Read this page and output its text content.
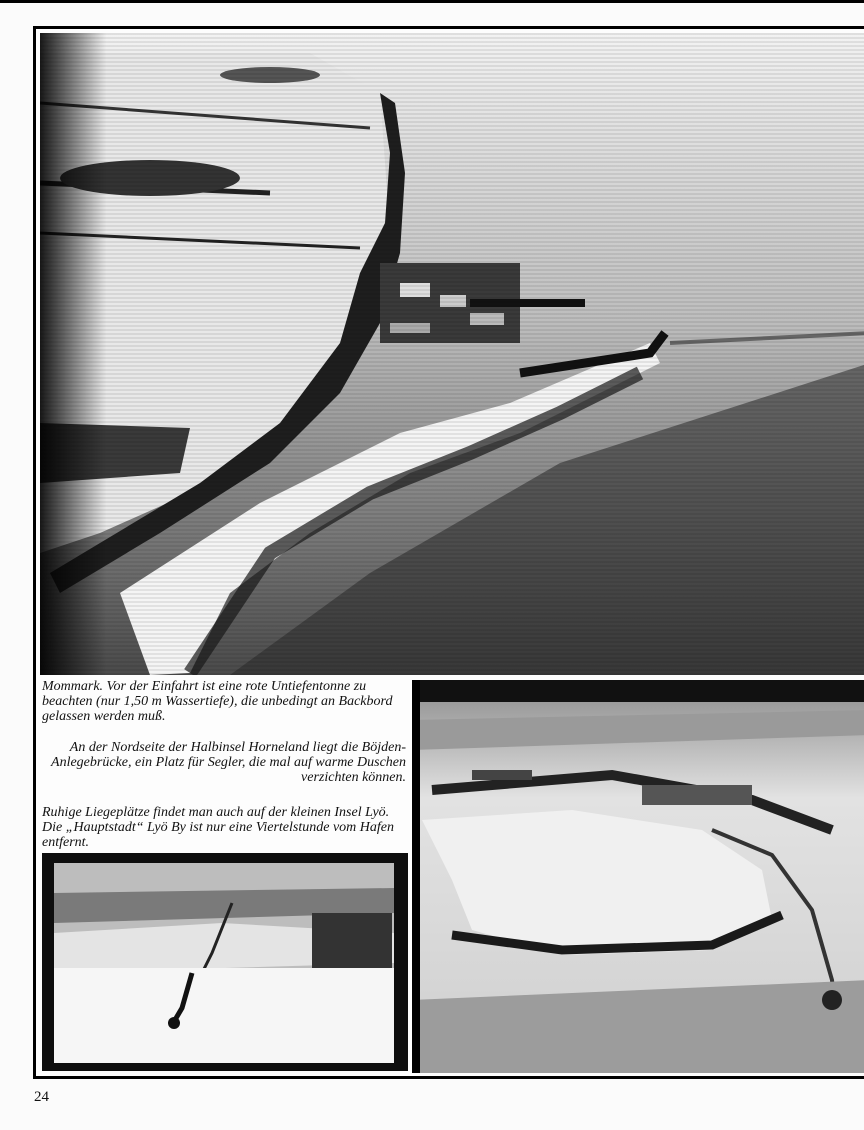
Mommark. Vor der Einfahrt ist eine rote Untiefentonne zu beachten (nur 1,50 m Wassertiefe), die unbedingt an Backbord gelassen werden muß.

An der Nordseite der Halbinsel Horneland liegt die Böjden-Anlegebrücke, ein Platz für Segler, die mal auf warme Duschen verzichten können.

Ruhige Liegeplätze findet man auch auf der kleinen Insel Lyö. Die „Hauptstadt“ Lyö By ist nur eine Viertelstunde vom Hafen entfernt.

24
